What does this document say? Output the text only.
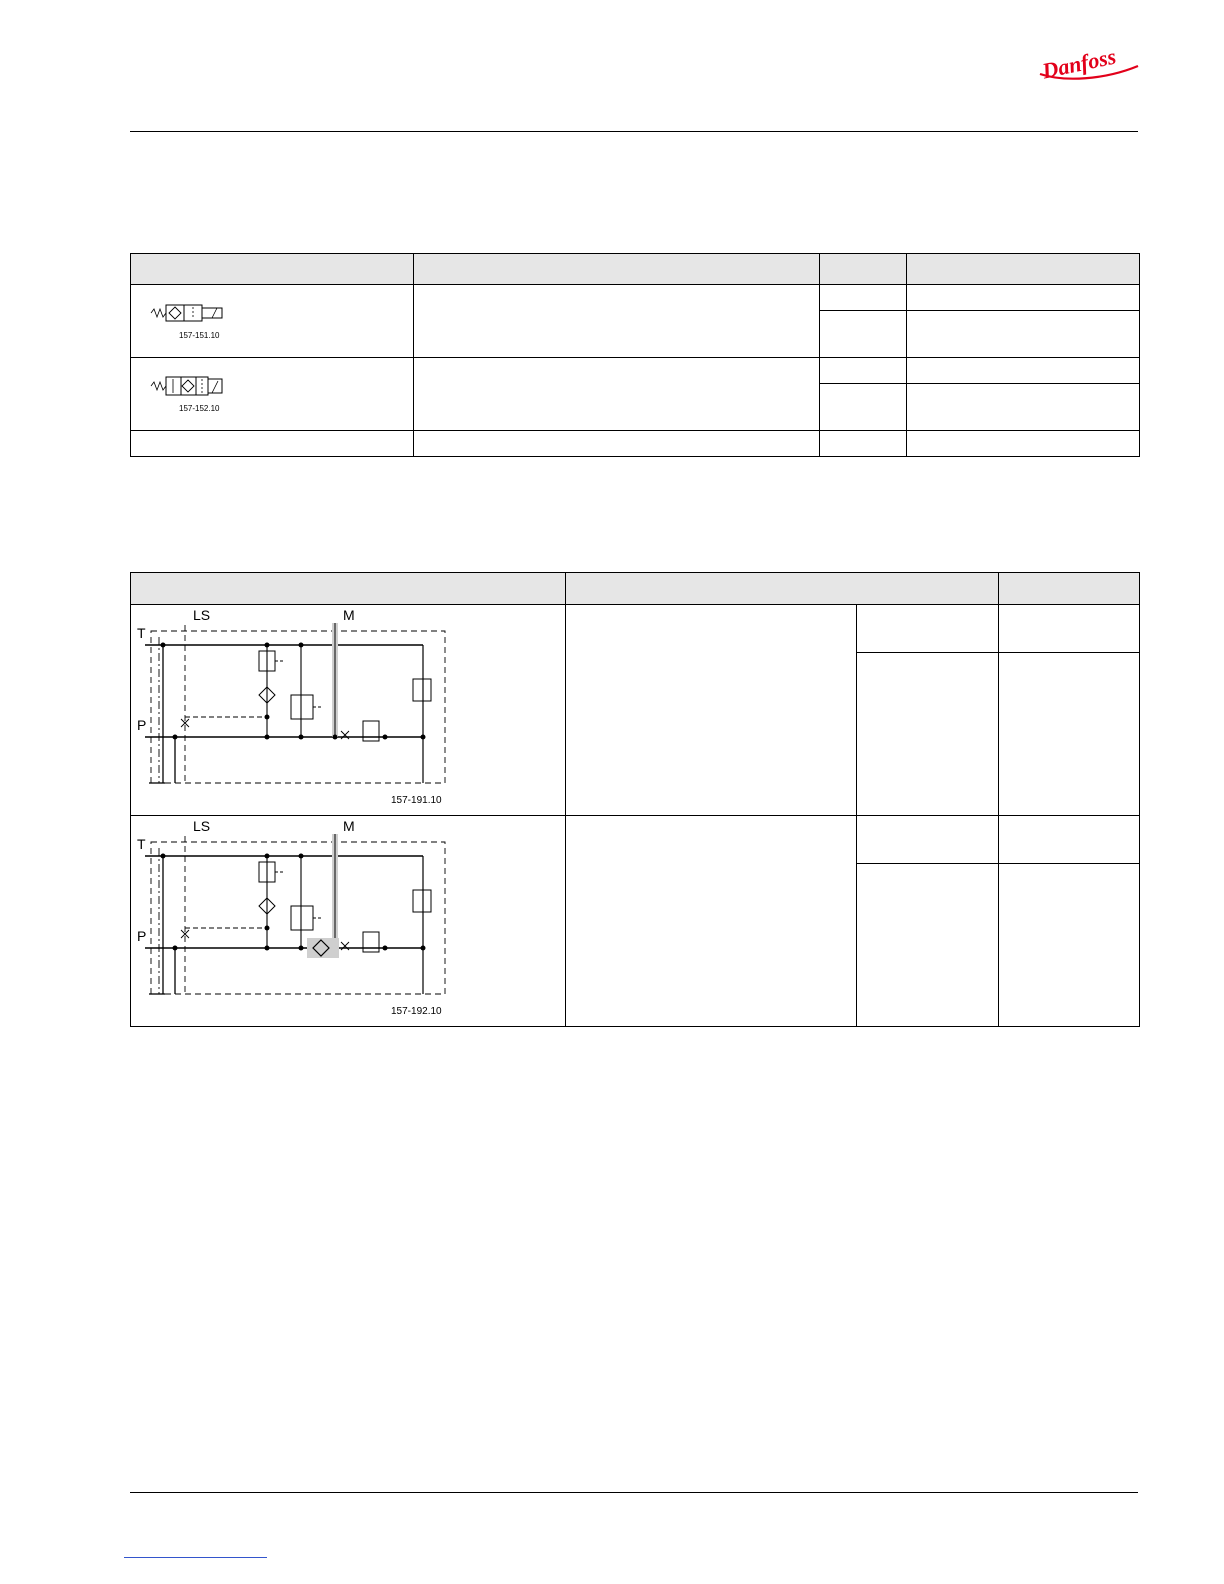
Danfoss

157-151.10			

157-152.10			

T
P
LS M
157-191.10			

T
P
LS M
157-192.10			
